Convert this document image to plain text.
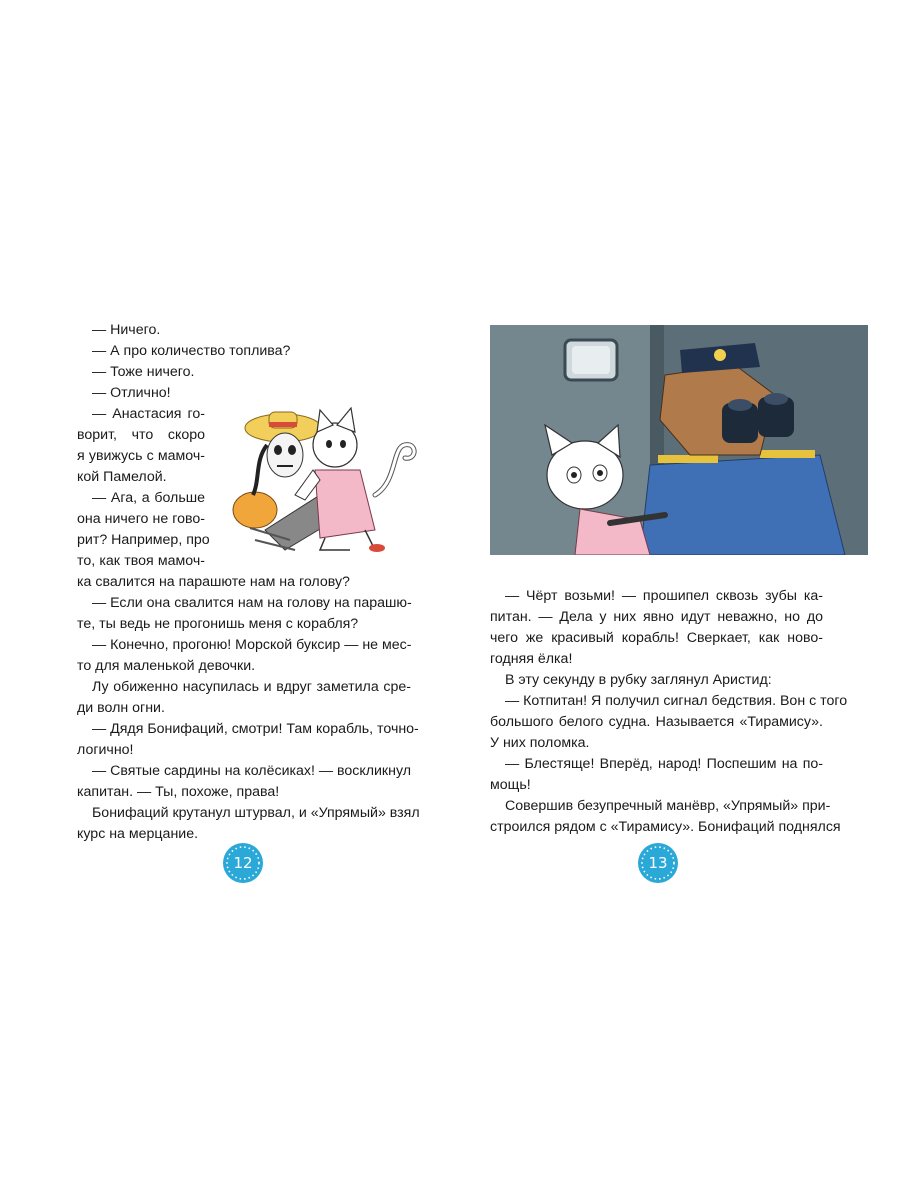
— Ничего.
— А про количество топлива?
— Тоже ничего.
— Отлично!
— Анастасия го-
ворит, что скоро
я увижусь с мамоч-
кой Памелой.
— Ага, а больше
она ничего не гово-
рит? Например, про
то, как твоя мамоч-
ка свалится на парашюте нам на голову?
— Если она свалится нам на голову на парашю-
те, ты ведь не прогонишь меня с корабля?
— Конечно, прогоню! Морской буксир — не мес-
то для маленькой девочки.
Лу обиженно насупилась и вдруг заметила сре-
ди волн огни.
— Дядя Бонифаций, смотри! Там корабль, точно-
логично!
— Святые сардины на колёсиках! — воскликнул
капитан. — Ты, похоже, права!
Бонифаций крутанул штурвал, и «Упрямый» взял
курс на мерцание.
12
— Чёрт возьми! — прошипел сквозь зубы ка-
питан. — Дела у них явно идут неважно, но до
чего же красивый корабль! Сверкает, как ново-
годняя ёлка!
В эту секунду в рубку заглянул Аристид:
— Котпитан! Я получил сигнал бедствия. Вон с того
большого белого судна. Называется «Тирамису».
У них поломка.
— Блестяще! Вперёд, народ! Поспешим на по-
мощь!
Совершив безупречный манёвр, «Упрямый» при-
строился рядом с «Тирамису». Бонифаций поднялся
13
